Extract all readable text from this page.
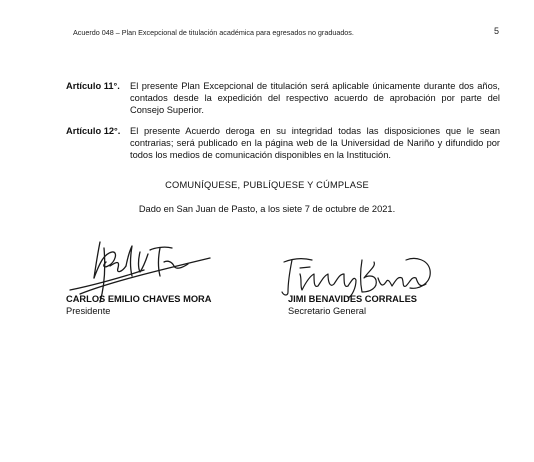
Acuerdo 048 – Plan Excepcional de titulación académica para egresados no graduados.	5
Artículo 11°.	El presente Plan Excepcional de titulación será aplicable únicamente durante dos años, contados desde la expedición del respectivo acuerdo de aprobación por parte del Consejo Superior.
Artículo 12°.	El presente Acuerdo deroga en su integridad todas las disposiciones que le sean contrarias; será publicado en la página web de la Universidad de Nariño y difundido por todos los medios de comunicación disponibles en la Institución.
COMUNÍQUESE, PUBLÍQUESE Y CÚMPLASE
Dado en San Juan de Pasto, a los siete 7 de octubre de 2021.
CARLOS EMILIO CHAVES MORA
Presidente
JIMI BENAVIDES CORRALES
Secretario General
